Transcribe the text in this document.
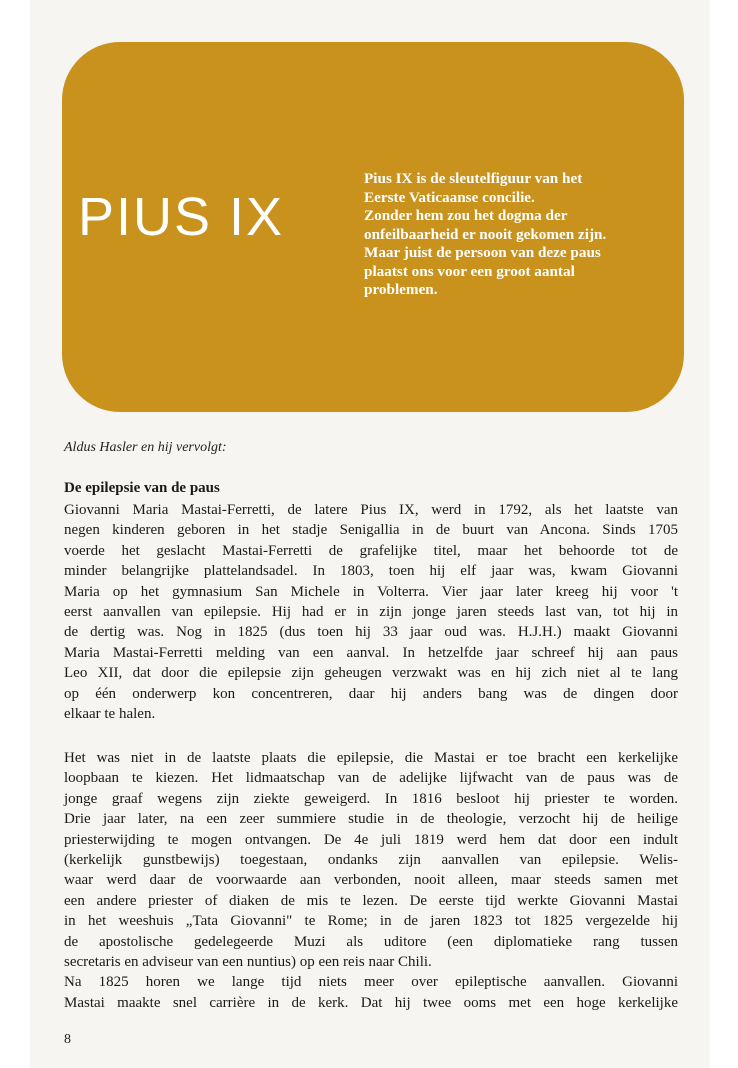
PIUS IX
Pius IX is de sleutelfiguur van het
Eerste Vaticaanse concilie.
Zonder hem zou het dogma der
onfeilbaarheid er nooit gekomen zijn.
Maar juist de persoon van deze paus
plaatst ons voor een groot aantal
problemen.
Aldus Hasler en hij vervolgt:
De epilepsie van de paus
Giovanni Maria Mastai-Ferretti, de latere Pius IX, werd in 1792, als het laatste van
negen kinderen geboren in het stadje Senigallia in de buurt van Ancona. Sinds 1705
voerde het geslacht Mastai-Ferretti de grafelijke titel, maar het behoorde tot de
minder belangrijke plattelandsadel. In 1803, toen hij elf jaar was, kwam Giovanni
Maria op het gymnasium San Michele in Volterra. Vier jaar later kreeg hij voor 't
eerst aanvallen van epilepsie. Hij had er in zijn jonge jaren steeds last van, tot hij in
de dertig was. Nog in 1825 (dus toen hij 33 jaar oud was. H.J.H.) maakt Giovanni
Maria Mastai-Ferretti melding van een aanval. In hetzelfde jaar schreef hij aan paus
Leo XII, dat door die epilepsie zijn geheugen verzwakt was en hij zich niet al te lang
op één onderwerp kon concentreren, daar hij anders bang was de dingen door
elkaar te halen.
Het was niet in de laatste plaats die epilepsie, die Mastai er toe bracht een kerkelijke
loopbaan te kiezen. Het lidmaatschap van de adelijke lijfwacht van de paus was de
jonge graaf wegens zijn ziekte geweigerd. In 1816 besloot hij priester te worden.
Drie jaar later, na een zeer summiere studie in de theologie, verzocht hij de heilige
priesterwijding te mogen ontvangen. De 4e juli 1819 werd hem dat door een indult
(kerkelijk gunstbewijs) toegestaan, ondanks zijn aanvallen van epilepsie. Welis-
waar werd daar de voorwaarde aan verbonden, nooit alleen, maar steeds samen met
een andere priester of diaken de mis te lezen. De eerste tijd werkte Giovanni Mastai
in het weeshuis „Tata Giovanni" te Rome; in de jaren 1823 tot 1825 vergezelde hij
de apostolische gedelegeerde Muzi als uditore (een diplomatieke rang tussen
secretaris en adviseur van een nuntius) op een reis naar Chili.
Na 1825 horen we lange tijd niets meer over epileptische aanvallen. Giovanni
Mastai maakte snel carrière in de kerk. Dat hij twee ooms met een hoge kerkelijke
8
